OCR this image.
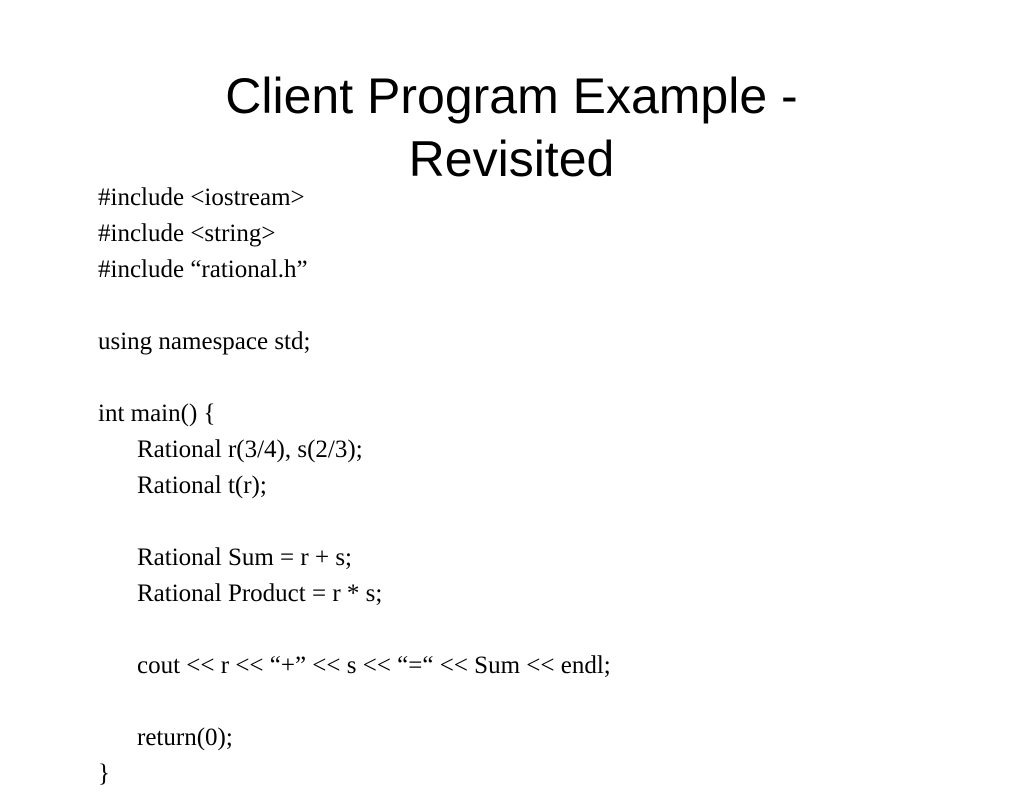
Client Program Example -
Revisited
#include <iostream>
#include <string>
#include “rational.h”
using namespace std;
int main() {
Rational r(3/4), s(2/3);
Rational t(r);
Rational Sum = r + s;
Rational Product = r * s;
cout << r << “+” << s << “=“ << Sum << endl;
return(0);
}
